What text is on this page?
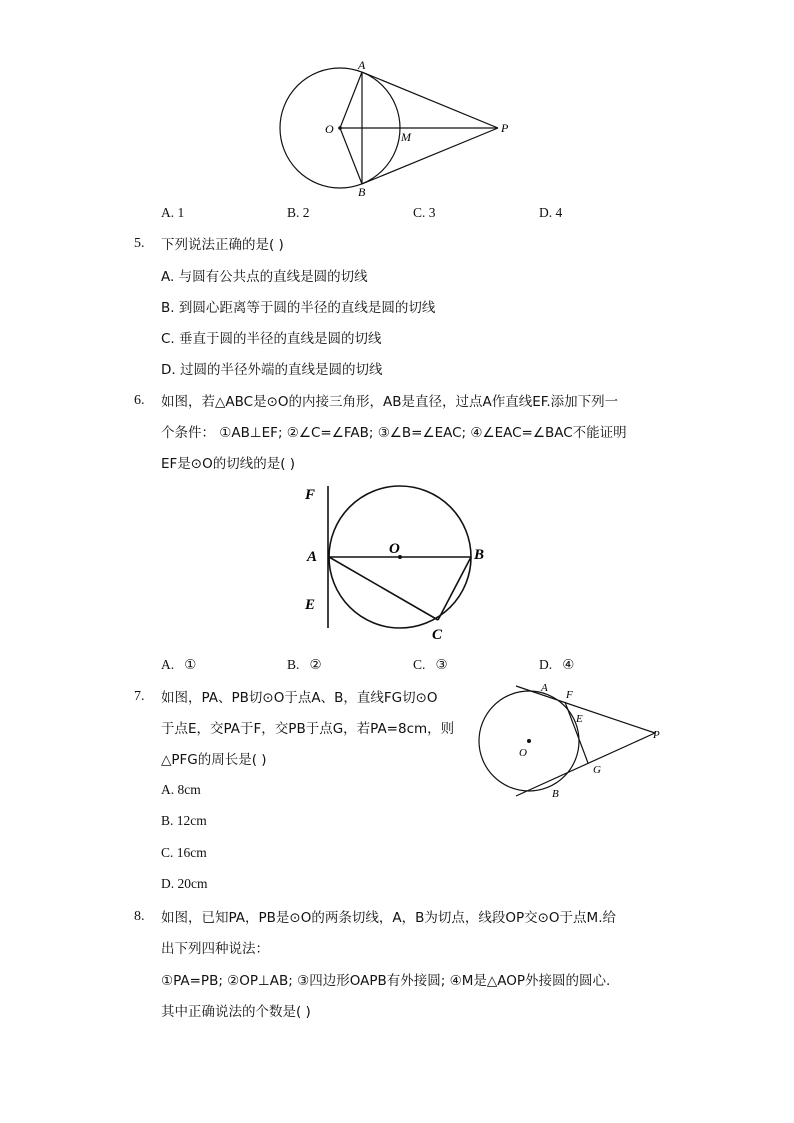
A
O
M
P
B
A. 1	B. 2	C. 3	D. 4
5. 下列说法正确的是( )
A. 与圆有公共点的直线是圆的切线
B. 到圆心距离等于圆的半径的直线是圆的切线
C. 垂直于圆的半径的直线是圆的切线
D. 过圆的半径外端的直线是圆的切线
6. 如图，若△ABC是⊙O的内接三角形，AB是直径，过点A作直线EF.添加下列一
个条件： ①AB⊥EF; ②∠C=∠FAB; ③∠B=∠EAC; ④∠EAC=∠BAC不能证明
EF是⊙O的切线的是( )
F
A
E
O	B
C
A. ①	B. ②	C. ③	D. ④
7. 如图，PA、PB切⊙O于点A、B，直线FG切⊙O
于点E，交PA于F，交PB于点G，若PA=8cm，则
△PFG的周长是( )
A
F
E
P
O
G
B
A. 8cm
B. 12cm
C. 16cm
D. 20cm
8. 如图，已知PA，PB是⊙O的两条切线，A，B为切点，线段OP交⊙O于点M.给
出下列四种说法：
①PA=PB; ②OP⊥AB; ③四边形OAPB有外接圆; ④M是△AOP外接圆的圆心.
其中正确说法的个数是( )
